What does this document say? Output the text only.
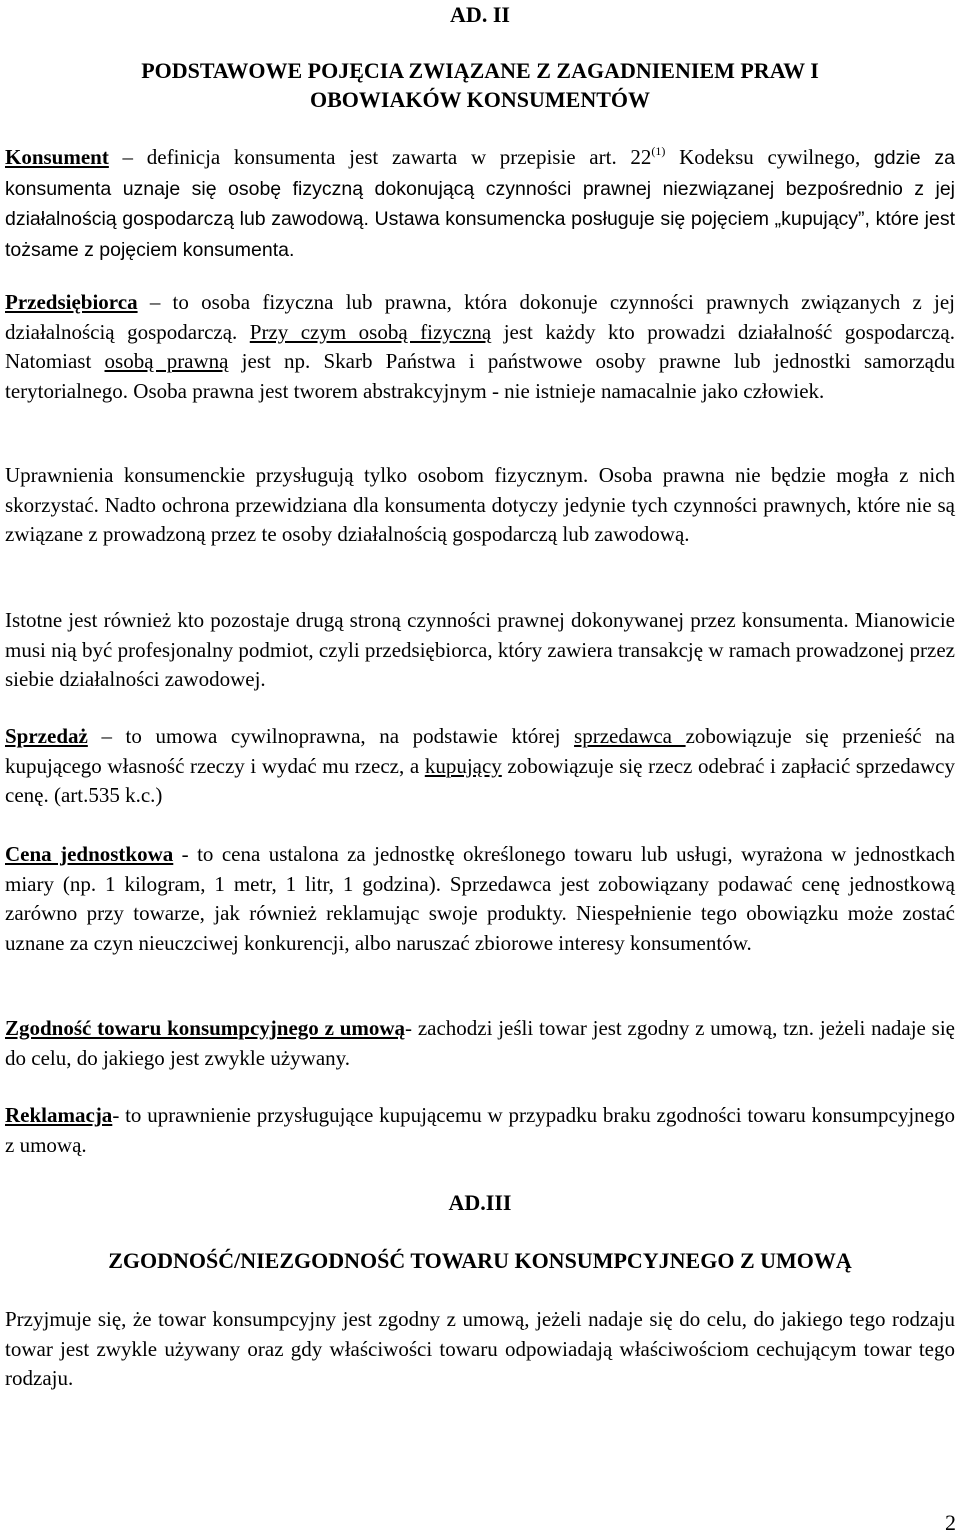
AD. II

PODSTAWOWE POJĘCIA ZWIĄZANE Z ZAGADNIENIEM PRAW I
OBOWIAKÓW KONSUMENTÓW

Konsument – definicja konsumenta jest zawarta w przepisie art. 22$^{(1)}$ Kodeksu cywilnego, gdzie za konsumenta uznaje się osobę fizyczną dokonującą czynności prawnej niezwiązanej bezpośrednio z jej działalnością gospodarczą lub zawodową. Ustawa konsumencka posługuje się pojęciem „kupujący”, które jest tożsame z pojęciem konsumenta.

Przedsiębiorca – to osoba fizyczna lub prawna, która dokonuje czynności prawnych związanych z jej działalnością gospodarczą. Przy czym osobą fizyczną jest każdy kto prowadzi działalność gospodarczą. Natomiast osobą prawną jest np. Skarb Państwa i państwowe osoby prawne lub jednostki samorządu terytorialnego. Osoba prawna jest tworem abstrakcyjnym - nie istnieje namacalnie jako człowiek.

Uprawnienia konsumenckie przysługują tylko osobom fizycznym. Osoba prawna nie będzie mogła z nich skorzystać. Nadto ochrona przewidziana dla konsumenta dotyczy jedynie tych czynności prawnych, które nie są związane z prowadzoną przez te osoby działalnością gospodarczą lub zawodową.

Istotne jest również kto pozostaje drugą stroną czynności prawnej dokonywanej przez konsumenta. Mianowicie musi nią być profesjonalny podmiot, czyli przedsiębiorca, który zawiera transakcję w ramach prowadzonej przez siebie działalności zawodowej.

Sprzedaż – to umowa cywilnoprawna, na podstawie której sprzedawca zobowiązuje się przenieść na kupującego własność rzeczy i wydać mu rzecz, a kupujący zobowiązuje się rzecz odebrać i zapłacić sprzedawcy cenę. (art.535 k.c.)

Cena jednostkowa - to cena ustalona za jednostkę określonego towaru lub usługi, wyrażona w jednostkach miary (np. 1 kilogram, 1 metr, 1 litr, 1 godzina). Sprzedawca jest zobowiązany podawać cenę jednostkową zarówno przy towarze, jak również reklamując swoje produkty. Niespełnienie tego obowiązku może zostać uznane za czyn nieuczciwej konkurencji, albo naruszać zbiorowe interesy konsumentów.

Zgodność towaru konsumpcyjnego z umową- zachodzi jeśli towar jest zgodny z umową, tzn. jeżeli nadaje się do celu, do jakiego jest zwykle używany.

Reklamacja- to uprawnienie przysługujące kupującemu w przypadku braku zgodności towaru konsumpcyjnego z umową.

AD.III

ZGODNOŚĆ/NIEZGODNOŚĆ TOWARU KONSUMPCYJNEGO Z UMOWĄ

Przyjmuje się, że towar konsumpcyjny jest zgodny z umową, jeżeli nadaje się do celu, do jakiego tego rodzaju towar jest zwykle używany oraz gdy właściwości towaru odpowiadają właściwościom cechującym towar tego rodzaju.

2
